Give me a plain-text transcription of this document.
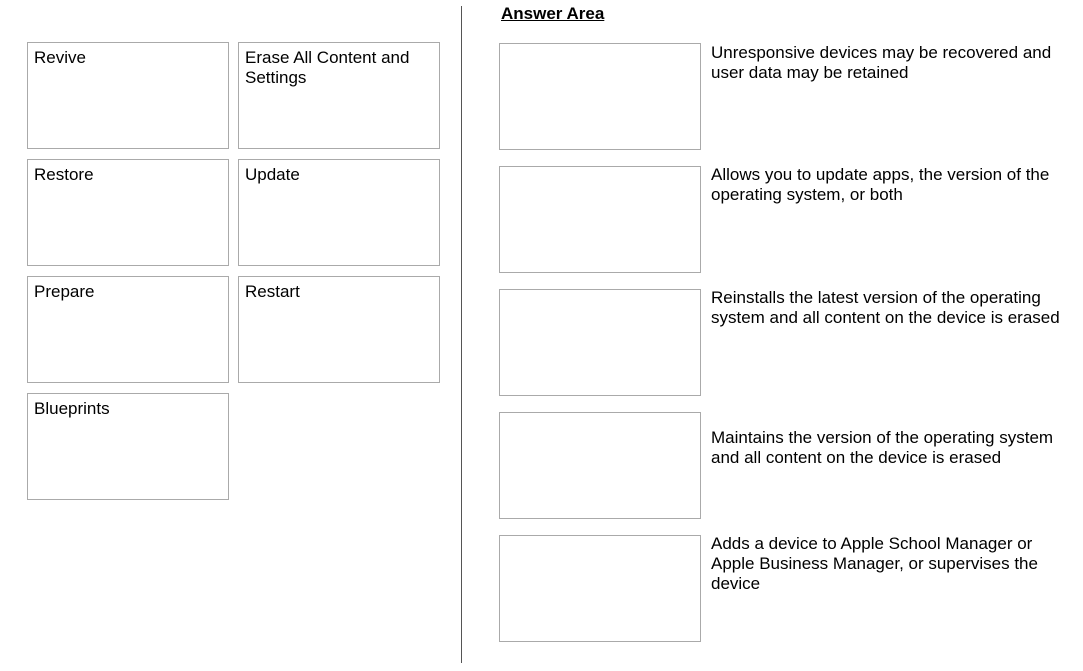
Revive	Erase All Content and Settings
Restore	Update
Prepare	Restart
Blueprints
Answer Area
Unresponsive devices may be recovered and user data may be retained
Allows you to update apps, the version of the operating system, or both
Reinstalls the latest version of the operating system and all content on the device is erased
Maintains the version of the operating system and all content on the device is erased
Adds a device to Apple School Manager or Apple Business Manager, or supervises the device
